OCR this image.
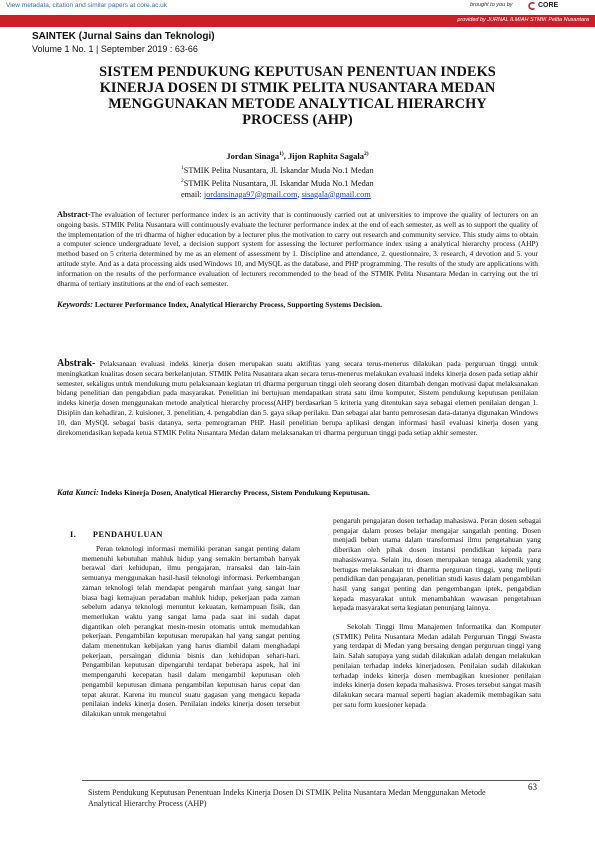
View metadata, citation and similar papers at core.ac.uk	brought to you by	CORE
provided by JURNAL ILMIAH STMIK Pelita Nusantara
SAINTEK (Jurnal Sains dan Teknologi)
Volume 1 No. 1 | September 2019 : 63-66
SISTEM PENDUKUNG KEPUTUSAN PENENTUAN INDEKS
KINERJA DOSEN DI STMIK PELITA NUSANTARA MEDAN
MENGGUNAKAN METODE ANALYTICAL HIERARCHY
PROCESS (AHP)
Jordan Sinaga$^{1)}$, Jijon Raphita Sagala$^{2)}$
$^1$STMIK Pelita Nusantara, Jl. Iskandar Muda No.1 Medan
$^2$STMIK Pelita Nusantara, Jl. Iskandar Muda No.1 Medan
email: jordansinaga97@gmail.com, sisagala@gmail.com
Abstract-The evaluation of lecturer performance index is an activity that is continuously carried out at universities to improve the quality of lecturers on an ongoing basis. STMIK Pelita Nusantara will continuously evaluate the lecturer performance index at the end of each semester, as well as to support the quality of the implementation of the tri dharma of higher education by a lecturer plus the motivation to carry out research and community service. This study aims to obtain a computer science undergraduate level, a decision support system for assessing the lecturer performance index using a analytical hierarchy process (AHP) method based on 5 criteria determined by me as an element of assessment by 1. Discipline and attendance, 2. questionnaire, 3. research, 4 devotion and 5. your attitude style. And as a data processing aids used Windows 10, and MySQL as the database, and PHP programming. The results of the study are applications with information on the results of the performance evaluation of lecturers recommended to the head of the STMIK Pelita Nusantara Medan in carrying out the tri dharma of tertiary institutions at the end of each semester.
Keywords: Lecturer Performance Index, Analytical Hierarchy Process, Supporting Systems Decision.
Abstrak- Pelaksanaan evaluasi indeks kinerja dosen merupakan suatu aktifitas yang secara terus-menerus dilakukan pada perguruan tinggi untuk meningkatkan kualitas dosen secara berkelanjutan. STMIK Pelita Nusantara akan secara terus-menerus melakukan evaluasi indeks kinerja dosen pada setiap akhir semester, sekaligus untuk mendukung mutu pelaksanaan kegiatan tri dharma perguruan tinggi oleh seorang dosen ditambah dengan motivasi dapat melaksanakan bidang penelitian dan pengabdian pada masyarakat. Penelitian ini bertujuan mendapatkan strata satu ilmu komputer, Sistem pendukung keputusan penilaian indeks kinerja dosen menggunakan metode analytical hierarchy process(AHP) berdasarkan 5 kriteria yang ditentukan saya sebagai elemen penilaian dengan 1. Disiplin dan kehadiran, 2. kuisioner, 3. penelitian, 4. pengabdian dan 5. gaya sikap perilaku. Dan sebagai alat bantu pemrosesan data-datanya digunakan Windows 10, dan MySQL sebagai basis datanya, serta pemrograman PHP. Hasil penelitian berupa aplikasi dengan informasi hasil evaluasi kinerja dosen yang direkomendasikan kepada ketua STMIK Pelita Nusantara Medan dalam melaksanakan tri dharma perguruan tinggi pada setiap akhir semester.
Kata Kunci: Indeks Kinerja Dosen, Analytical Hierarchy Process, Sistem Pendukung Keputusan.
I. PENDAHULUAN

Peran teknologi informasi memiliki peranan sangat penting dalam memenuhi kebutuhan mahluk hidup yang semakin bertambah banyak berawal dari kehidupan, ilmu pengajaran, transaksi dan lain-lain semuanya menggunakan hasil-hasil teknologi informasi. Perkembangan zaman teknologi telah mendapat pengaruh manfaat yang sangat luar biasa bagi kemajuan peradaban mahluk hidup, pekerjaan pada zaman sebelum adanya teknologi menuntut kekuatan, kemampuan fisik, dan memerlukan waktu yang sangat lama pada saat ini sudah dapat digantikan oleh perangkat mesin-mesin otomatis untuk memudahkan pekerjaan. Pengambilan keputusan merupakan hal yang sangat penting dalam menentukan kebijakan yang harus diambil dalam menghadapi pekerjaan, persaingan didunia bisnis dan kehidupan sehari-hari. Pengambilan keputusan dipengaruhi terdapat beberapa aspek, hal ini mempengaruhi kecepatan hasil dalam mengambil keputusan oleh pengambil keputusan dimana pengambilan keputusan harus cepat dan tepat akurat. Karena itu muncul suatu gagasan yang mengacu kepada penilaian indeks kinerja dosen. Penilaian indeks kinerja dosen tersebut dilakukan untuk mengetahui

pengaruh pengajaran dosen terhadap mahasiswa. Peran dosen sebagai pengajar dalam proses belajar mengajar sangatlah penting. Dosen menjadi beban utama dalam transformasi ilmu pengetahuan yang diberikan oleh pihak dosen instansi pendidikan kepada para mahasiswanya. Selain itu, dosen merupakan tenaga akademik yang bertugas melaksanakan tri dharma perguruan tinggi, yang meliputi pendidikan dan pengajaran, penelitian studi kasus dalam pengambilan hasil yang sangat penting dan pengembangan iptek, pengabdian kepada masyarakat untuk menambahkan wawasan pengetahuan kepada masyarakat serta kegiatan penunjang lainnya.

Sekolah Tinggi Ilmu Manajemen Informatika dan Komputer (STMIK) Pelita Nusantara Medan adalah Perguruan Tinggi Swasta yang terdapat di Medan yang bersaing dengan perguruan tinggi yang lain. Salah satupaya yang sudah dilakukan adalah dengan melakukan penilaian terhadap indeks kinerjadosen. Penilaian sudah dilakukan terhadap indeks kinerja dosen membagikan kuesioner penilaian indeks kinerja dosen kepada mahasiswa. Proses tersebut sangat masih dilakukan secara manual seperti bagian akademik membagikan satu per satu form kuesioner kepada

Sistem Pendukung Keputusan Penentuan Indeks Kinerja Dosen Di STMIK Pelita Nusantara Medan Menggunakan Metode Analytical Hierarchy Process (AHP)
63
